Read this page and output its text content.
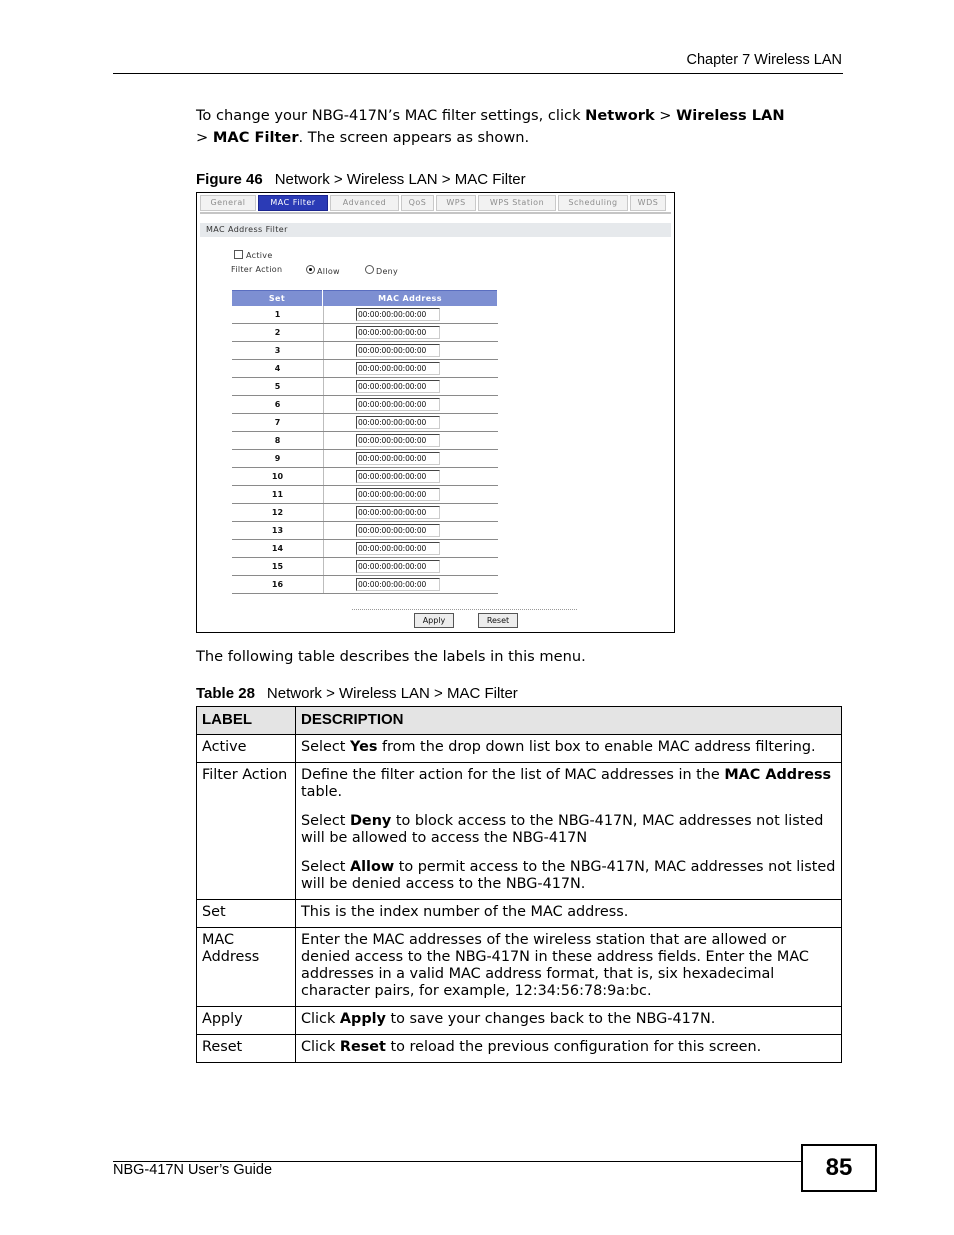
Chapter 7 Wireless LAN
To change your NBG-417N’s MAC filter settings, click Network > Wireless LAN
> MAC Filter. The screen appears as shown.
Figure 46 Network > Wireless LAN > MAC Filter
General	MAC Filter	Advanced	QoS	WPS	WPS Station	Scheduling	WDS
MAC Address Filter
Active
Filter Action	Allow	Deny
Set	MAC Address
1	00:00:00:00:00:00
2	00:00:00:00:00:00
3	00:00:00:00:00:00
4	00:00:00:00:00:00
5	00:00:00:00:00:00
6	00:00:00:00:00:00
7	00:00:00:00:00:00
8	00:00:00:00:00:00
9	00:00:00:00:00:00
10	00:00:00:00:00:00
11	00:00:00:00:00:00
12	00:00:00:00:00:00
13	00:00:00:00:00:00
14	00:00:00:00:00:00
15	00:00:00:00:00:00
16	00:00:00:00:00:00
Apply	Reset
The following table describes the labels in this menu.
Table 28 Network > Wireless LAN > MAC Filter
LABEL	DESCRIPTION
Active	Select Yes from the drop down list box to enable MAC address filtering.
Filter Action	Define the filter action for the list of MAC addresses in the MAC Address table.

Select Deny to block access to the NBG-417N, MAC addresses not listed will be allowed to access the NBG-417N

Select Allow to permit access to the NBG-417N, MAC addresses not listed will be denied access to the NBG-417N.

Set	This is the index number of the MAC address.
MAC Address	Enter the MAC addresses of the wireless station that are allowed or denied access to the NBG-417N in these address fields. Enter the MAC addresses in a valid MAC address format, that is, six hexadecimal character pairs, for example, 12:34:56:78:9a:bc.
Apply	Click Apply to save your changes back to the NBG-417N.
Reset	Click Reset to reload the previous configuration for this screen.
NBG-417N User’s Guide	85
